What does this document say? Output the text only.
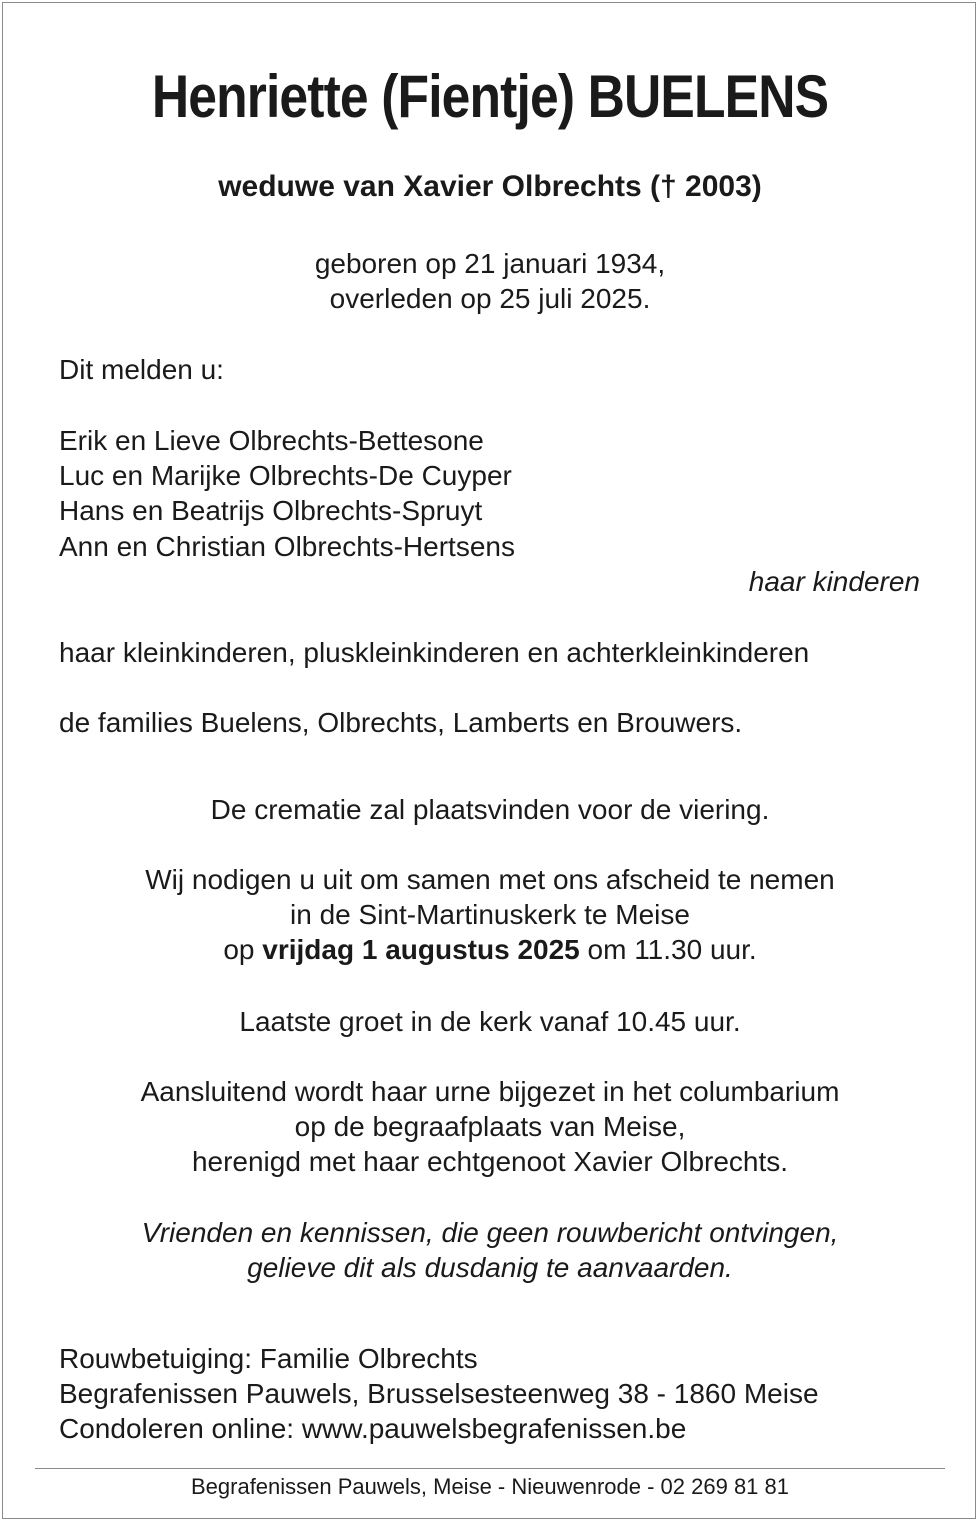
Henriette (Fientje) BUELENS
weduwe van Xavier Olbrechts († 2003)
geboren op 21 januari 1934,
overleden op 25 juli 2025.
Dit melden u:
Erik en Lieve Olbrechts-Bettesone
Luc en Marijke Olbrechts-De Cuyper
Hans en Beatrijs Olbrechts-Spruyt
Ann en Christian Olbrechts-Hertsens
haar kinderen
haar kleinkinderen, pluskleinkinderen en achterkleinkinderen
de families Buelens, Olbrechts, Lamberts en Brouwers.
De crematie zal plaatsvinden voor de viering.
Wij nodigen u uit om samen met ons afscheid te nemen
in de Sint-Martinuskerk te Meise
op vrijdag 1 augustus 2025 om 11.30 uur.
Laatste groet in de kerk vanaf 10.45 uur.
Aansluitend wordt haar urne bijgezet in het columbarium
op de begraafplaats van Meise,
herenigd met haar echtgenoot Xavier Olbrechts.
Vrienden en kennissen, die geen rouwbericht ontvingen,
gelieve dit als dusdanig te aanvaarden.
Rouwbetuiging: Familie Olbrechts
Begrafenissen Pauwels, Brusselsesteenweg 38 - 1860 Meise
Condoleren online: www.pauwelsbegrafenissen.be
Begrafenissen Pauwels, Meise - Nieuwenrode - 02 269 81 81
